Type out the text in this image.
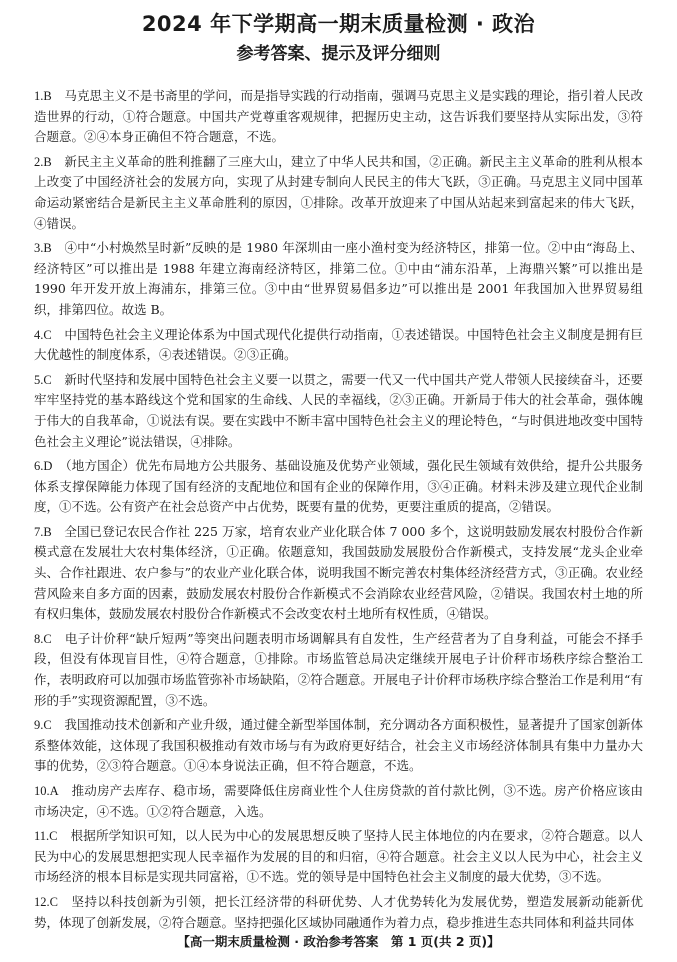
2024 年下学期高一期末质量检测 · 政治
参考答案、提示及评分细则

1.B　 马克思主义不是书斋里的学问，而是指导实践的行动指南，强调马克思主义是实践的理论，指引着人民改造世界的行动，①符合题意。中国共产党尊重客观规律，把握历史主动，这告诉我们要坚持从实际出发，③符合题意。②④本身正确但不符合题意，不选。

2.B　 新民主主义革命的胜利推翻了三座大山，建立了中华人民共和国，②正确。新民主主义革命的胜利从根本上改变了中国经济社会的发展方向，实现了从封建专制向人民民主的伟大飞跃，③正确。马克思主义同中国革命运动紧密结合是新民主主义革命胜利的原因，①排除。改革开放迎来了中国从站起来到富起来的伟大飞跃，④错误。

3.B　 ④中“小村焕然呈时新”反映的是 1980 年深圳由一座小渔村变为经济特区，排第一位。②中由“海岛上、经济特区”可以推出是 1988 年建立海南经济特区，排第二位。①中由“浦东沿革，上海鼎兴繁”可以推出是 1990 年开发开放上海浦东，排第三位。③中由“世界贸易倡多边”可以推出是 2001 年我国加入世界贸易组织，排第四位。故选 B。

4.C　 中国特色社会主义理论体系为中国式现代化提供行动指南，①表述错误。中国特色社会主义制度是拥有巨大优越性的制度体系，④表述错误。②③正确。

5.C　 新时代坚持和发展中国特色社会主义要一以贯之，需要一代又一代中国共产党人带领人民接续奋斗，还要牢牢坚持党的基本路线这个党和国家的生命线、人民的幸福线，②③正确。开新局于伟大的社会革命，强体魄于伟大的自我革命，①说法有误。要在实践中不断丰富中国特色社会主义的理论特色，“与时俱进地改变中国特色社会主义理论”说法错误，④排除。

6.D　 （地方国企）优先布局地方公共服务、基础设施及优势产业领域，强化民生领域有效供给，提升公共服务体系支撑保障能力体现了国有经济的支配地位和国有企业的保障作用，③④正确。材料未涉及建立现代企业制度，①不选。公有资产在社会总资产中占优势，既要有量的优势，更要注重质的提高，②错误。

7.B　 全国已登记农民合作社 225 万家，培育农业产业化联合体 7 000 多个，这说明鼓励发展农村股份合作新模式意在发展壮大农村集体经济，①正确。依题意知，我国鼓励发展股份合作新模式，支持发展“龙头企业牵头、合作社跟进、农户参与”的农业产业化联合体，说明我国不断完善农村集体经济经营方式，③正确。农业经营风险来自多方面的因素，鼓励发展农村股份合作新模式不会消除农业经营风险，②错误。我国农村土地的所有权归集体，鼓励发展农村股份合作新模式不会改变农村土地所有权性质，④错误。

8.C　 电子计价秤“缺斤短两”等突出问题表明市场调解具有自发性，生产经营者为了自身利益，可能会不择手段，但没有体现盲目性，④符合题意，①排除。市场监管总局决定继续开展电子计价秤市场秩序综合整治工作，表明政府可以加强市场监管弥补市场缺陷，②符合题意。开展电子计价秤市场秩序综合整治工作是利用“有形的手”实现资源配置，③不选。

9.C　 我国推动技术创新和产业升级，通过健全新型举国体制，充分调动各方面积极性，显著提升了国家创新体系整体效能，这体现了我国积极推动有效市场与有为政府更好结合，社会主义市场经济体制具有集中力量办大事的优势，②③符合题意。①④本身说法正确，但不符合题意，不选。

10.A　 推动房产去库存、稳市场，需要降低住房商业性个人住房贷款的首付款比例，③不选。房产价格应该由市场决定，④不选。①②符合题意，入选。

11.C　 根据所学知识可知，以人民为中心的发展思想反映了坚持人民主体地位的内在要求，②符合题意。以人民为中心的发展思想把实现人民幸福作为发展的目的和归宿，④符合题意。社会主义以人民为中心，社会主义市场经济的根本目标是实现共同富裕，①不选。党的领导是中国特色社会主义制度的最大优势，③不选。

12.C　 坚持以科技创新为引领，把长江经济带的科研优势、人才优势转化为发展优势，塑造发展新动能新优势，体现了创新发展，②符合题意。坚持把强化区域协同融通作为着力点，稳步推进生态共同体和利益共同体

【高一期末质量检测 · 政治参考答案　第 1 页(共 2 页)】
